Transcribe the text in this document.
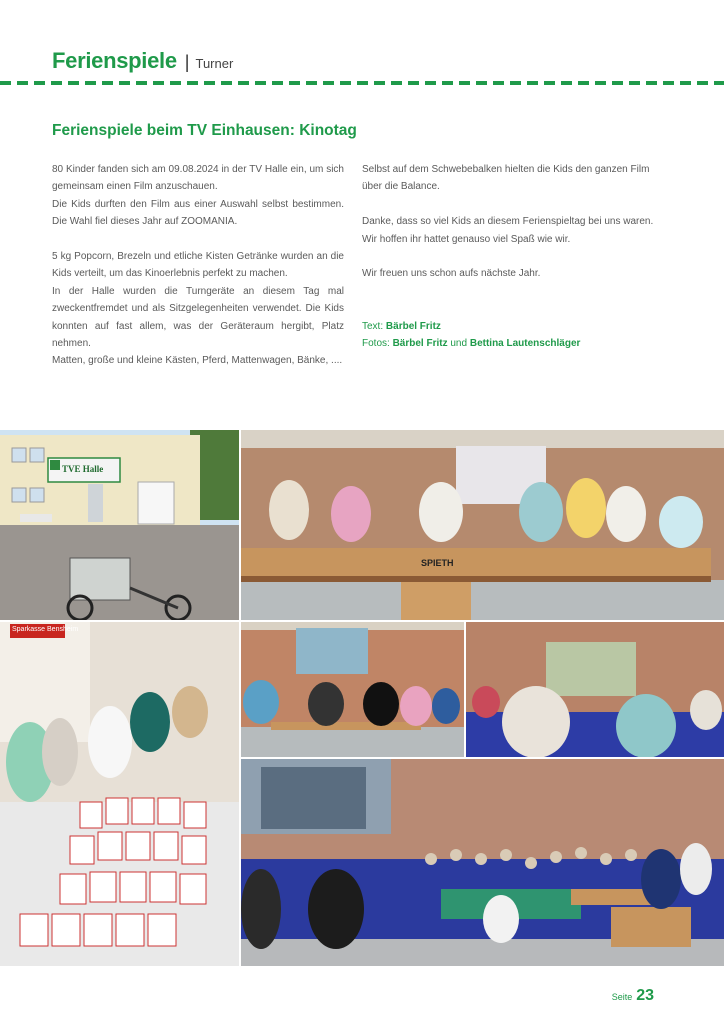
Ferienspiele | Turner
Ferienspiele beim TV Einhausen: Kinotag

80 Kinder fanden sich am 09.08.2024 in der TV Halle ein, um sich gemeinsam einen Film anzuschauen.

Die Kids durften den Film aus einer Auswahl selbst bestimmen. Die Wahl fiel dieses Jahr auf ZOOMANIA.

5 kg Popcorn, Brezeln und etliche Kisten Getränke wurden an die Kids verteilt, um das Kinoerlebnis perfekt zu machen.

In der Halle wurden die Turngeräte an diesem Tag mal zweckentfremdet und als Sitzgelegenheiten verwendet. Die Kids konnten auf fast allem, was der Geräteraum hergibt, Platz nehmen.

Matten, große und kleine Kästen, Pferd, Mattenwagen, Bänke, ....

Selbst auf dem Schwebebalken hielten die Kids den ganzen Film über die Balance.

Danke, dass so viel Kids an diesem Ferienspieltag bei uns waren.

Wir hoffen ihr hattet genauso viel Spaß wie wir.

Wir freuen uns schon aufs nächste Jahr.

Text: Bärbel Fritz

Fotos: Bärbel Fritz und Bettina Lautenschläger

TVE Halle
SPIETH
Sparkasse Bensheim
Seite 23
